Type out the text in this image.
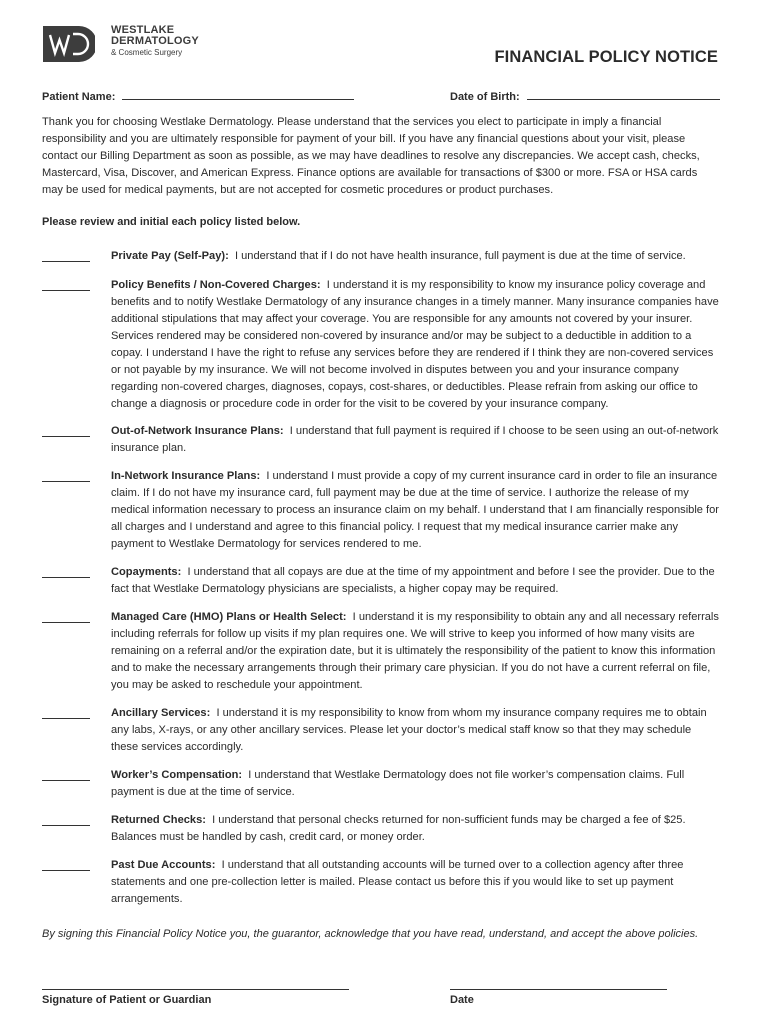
WESTLAKE
DERMATOLOGY
& Cosmetic Surgery	FINANCIAL POLICY NOTICE
Patient Name:	Date of Birth:

Thank you for choosing Westlake Dermatology. Please understand that the services you elect to participate in imply a financial responsibility and you are ultimately responsible for payment of your bill. If you have any financial questions about your visit, please contact our Billing Department as soon as possible, as we may have deadlines to resolve any discrepancies. We accept cash, checks, Mastercard, Visa, Discover, and American Express. Finance options are available for transactions of $300 or more. FSA or HSA cards may be used for medical payments, but are not accepted for cosmetic procedures or product purchases.

Please review and initial each policy listed below.

Private Pay (Self-Pay): I understand that if I do not have health insurance, full payment is due at the time of service.

Policy Benefits / Non-Covered Charges: I understand it is my responsibility to know my insurance policy coverage and benefits and to notify Westlake Dermatology of any insurance changes in a timely manner. Many insurance companies have additional stipulations that may affect your coverage. You are responsible for any amounts not covered by your insurer. Services rendered may be considered non-covered by insurance and/or may be subject to a deductible in addition to a copay. I understand I have the right to refuse any services before they are rendered if I think they are non-covered services or not payable by my insurance. We will not become involved in disputes between you and your insurance company regarding non-covered charges, diagnoses, copays, cost-shares, or deductibles. Please refrain from asking our office to change a diagnosis or procedure code in order for the visit to be covered by your insurance company.

Out-of-Network Insurance Plans: I understand that full payment is required if I choose to be seen using an out-of-network insurance plan.

In-Network Insurance Plans: I understand I must provide a copy of my current insurance card in order to file an insurance claim. If I do not have my insurance card, full payment may be due at the time of service. I authorize the release of my medical information necessary to process an insurance claim on my behalf. I understand that I am financially responsible for all charges and I understand and agree to this financial policy. I request that my medical insurance carrier make any payment to Westlake Dermatology for services rendered to me.

Copayments: I understand that all copays are due at the time of my appointment and before I see the provider. Due to the fact that Westlake Dermatology physicians are specialists, a higher copay may be required.

Managed Care (HMO) Plans or Health Select: I understand it is my responsibility to obtain any and all necessary referrals including referrals for follow up visits if my plan requires one. We will strive to keep you informed of how many visits are remaining on a referral and/or the expiration date, but it is ultimately the responsibility of the patient to know this information and to make the necessary arrangements through their primary care physician. If you do not have a current referral on file, you may be asked to reschedule your appointment.

Ancillary Services: I understand it is my responsibility to know from whom my insurance company requires me to obtain any labs, X-rays, or any other ancillary services. Please let your doctor’s medical staff know so that they may schedule these services accordingly.

Worker’s Compensation: I understand that Westlake Dermatology does not file worker’s compensation claims. Full payment is due at the time of service.

Returned Checks: I understand that personal checks returned for non-sufficient funds may be charged a fee of $25. Balances must be handled by cash, credit card, or money order.

Past Due Accounts: I understand that all outstanding accounts will be turned over to a collection agency after three statements and one pre-collection letter is mailed. Please contact us before this if you would like to set up payment arrangements.

By signing this Financial Policy Notice you, the guarantor, acknowledge that you have read, understand, and accept the above policies.

Signature of Patient or Guardian	Date
